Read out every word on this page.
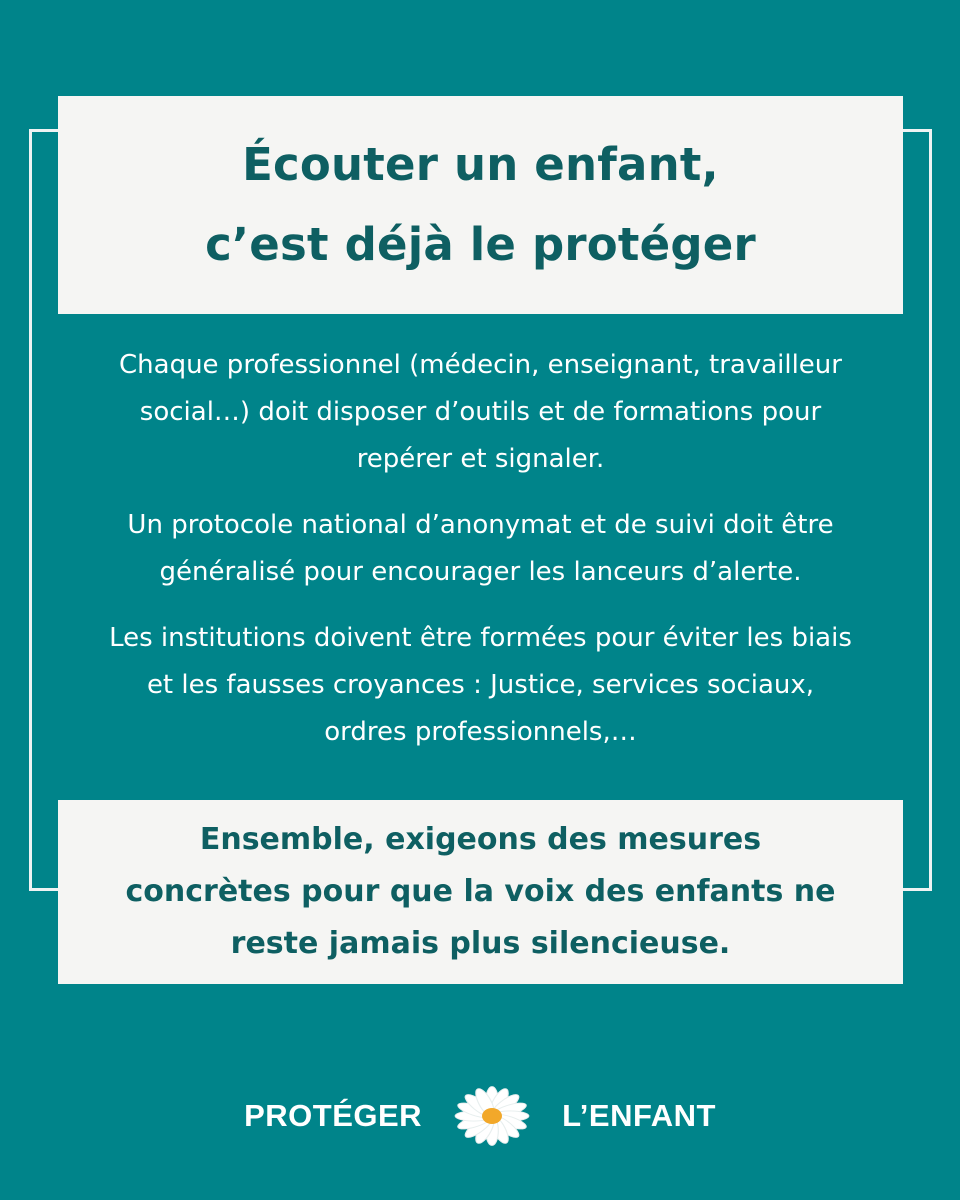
Écouter un enfant,
c’est déjà le protéger

Chaque professionnel (médecin, enseignant, travailleur
social…) doit disposer d’outils et de formations pour
repérer et signaler.

Un protocole national d’anonymat et de suivi doit être
généralisé pour encourager les lanceurs d’alerte.

Les institutions doivent être formées pour éviter les biais
et les fausses croyances : Justice, services sociaux,
ordres professionnels,…

Ensemble, exigeons des mesures
concrètes pour que la voix des enfants ne
reste jamais plus silencieuse.

PROTÉGER	L’ENFANT
